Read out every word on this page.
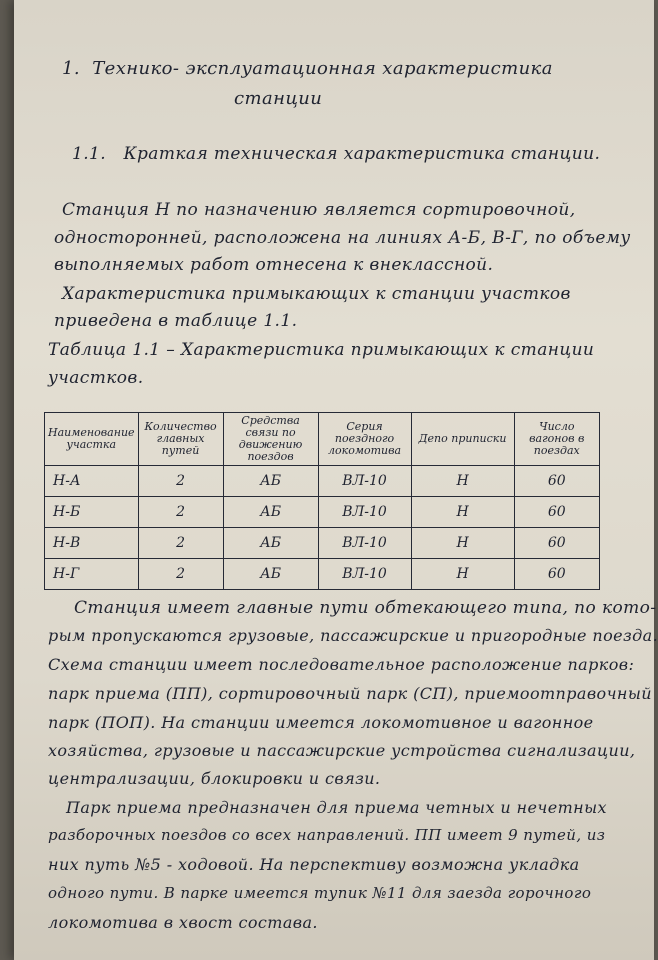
1. Технико- эксплуатационная характеристика
станции
1.1. Краткая техническая характеристика станции.
Станция Н по назначению является сортировочной,
односторонней, расположена на линиях А-Б, В-Г, по объему
выполняемых работ отнесена к внеклассной.
Характеристика примыкающих к станции участков
приведена в таблице 1.1.
Таблица 1.1 – Характеристика примыкающих к станции
участков.
Наименование участка	Количество главных путей	Средства связи по движению поездов	Серия поездного локомотива	Депо приписки	Число вагонов в поездах
Н-А	2	АБ	ВЛ-10	Н	60
Н-Б	2	АБ	ВЛ-10	Н	60
Н-В	2	АБ	ВЛ-10	Н	60
Н-Г	2	АБ	ВЛ-10	Н	60
Станция имеет главные пути обтекающего типа, по кото-
рым пропускаются грузовые, пассажирские и пригородные поезда.
Схема станции имеет последовательное расположение парков:
парк приема (ПП), сортировочный парк (СП), приемоотправочный
парк (ПОП). На станции имеется локомотивное и вагонное
хозяйства, грузовые и пассажирские устройства сигнализации,
централизации, блокировки и связи.
Парк приема предназначен для приема четных и нечетных
разборочных поездов со всех направлений. ПП имеет 9 путей, из
них путь №5 - ходовой. На перспективу возможна укладка
одного пути. В парке имеется тупик №11 для заезда горочного
локомотива в хвост состава.
